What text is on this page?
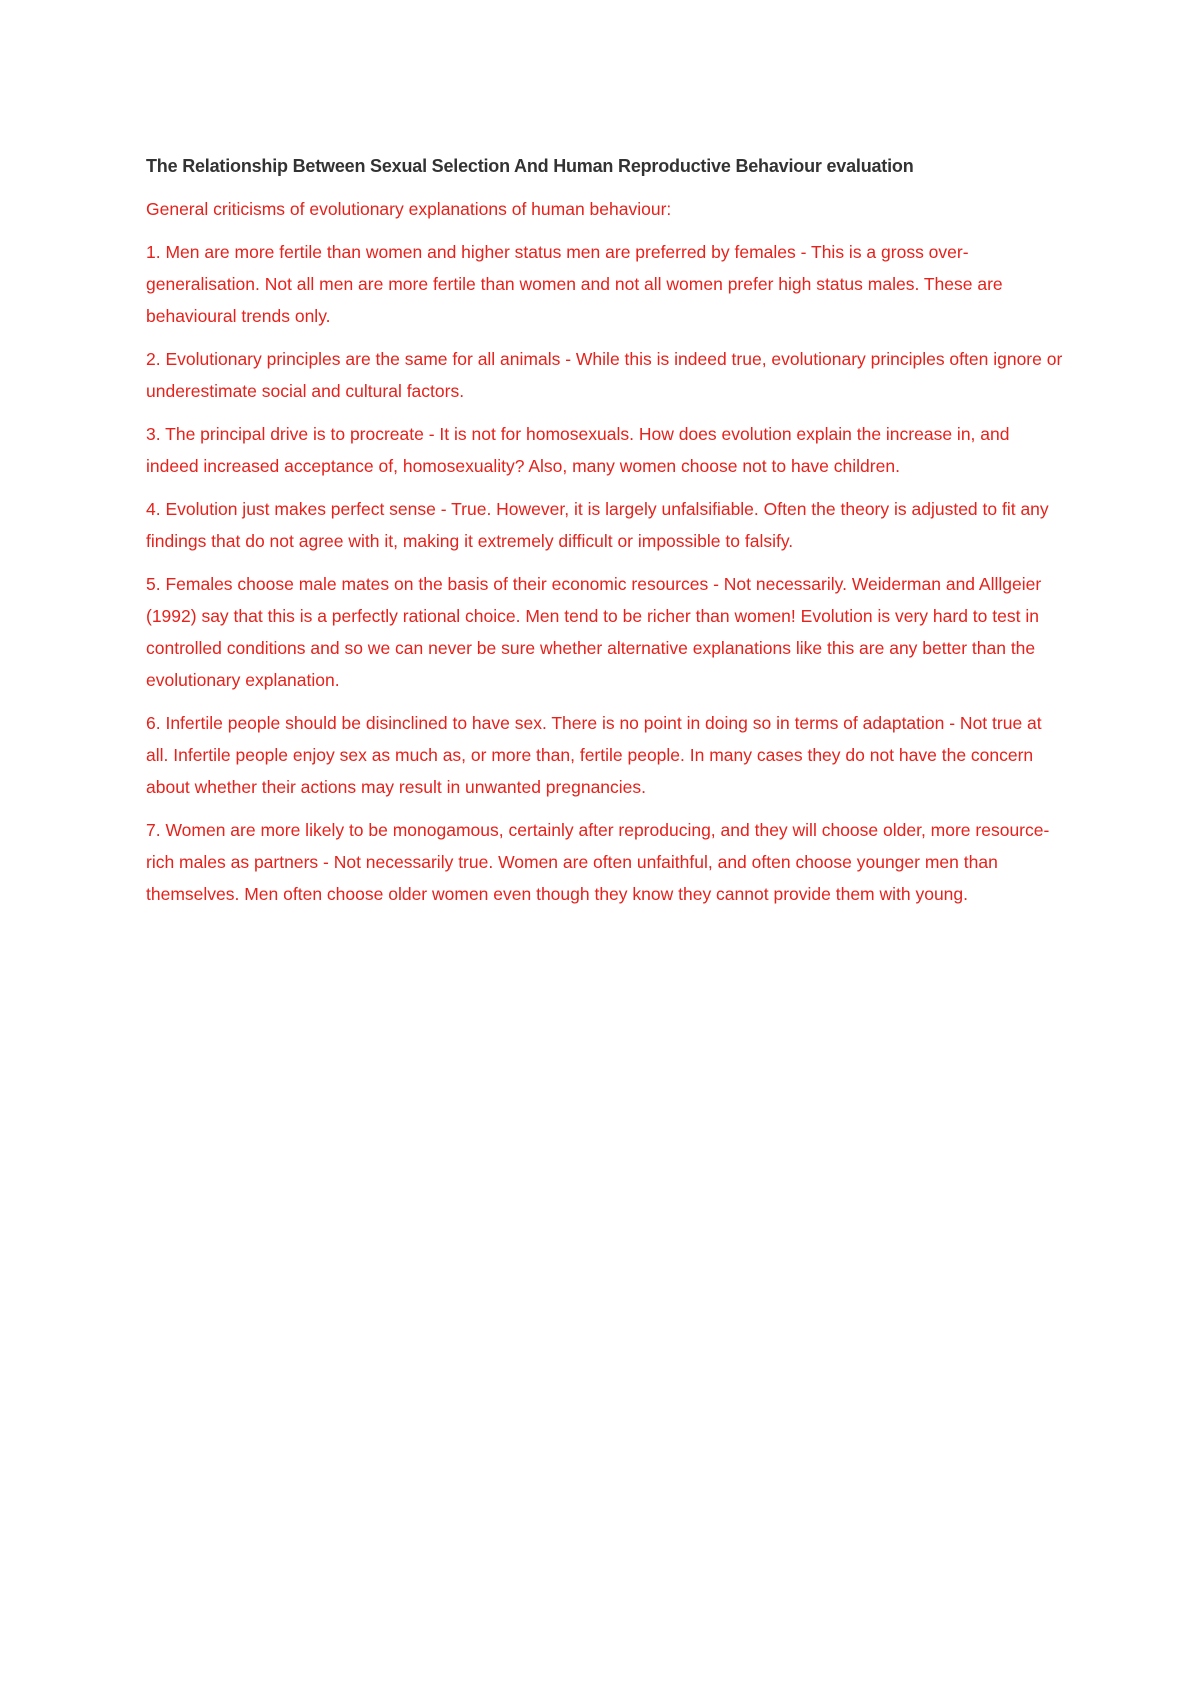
The Relationship Between Sexual Selection And Human Reproductive Behaviour evaluation

General criticisms of evolutionary explanations of human behaviour:

1. Men are more fertile than women and higher status men are preferred by females - This is a gross over-generalisation. Not all men are more fertile than women and not all women prefer high status males. These are behavioural trends only.

2. Evolutionary principles are the same for all animals - While this is indeed true, evolutionary principles often ignore or underestimate social and cultural factors.

3. The principal drive is to procreate - It is not for homosexuals. How does evolution explain the increase in, and indeed increased acceptance of, homosexuality? Also, many women choose not to have children.

4. Evolution just makes perfect sense - True. However, it is largely unfalsifiable. Often the theory is adjusted to fit any findings that do not agree with it, making it extremely difficult or impossible to falsify.

5. Females choose male mates on the basis of their economic resources - Not necessarily. Weiderman and Alllgeier (1992) say that this is a perfectly rational choice. Men tend to be richer than women! Evolution is very hard to test in controlled conditions and so we can never be sure whether alternative explanations like this are any better than the evolutionary explanation.

6. Infertile people should be disinclined to have sex. There is no point in doing so in terms of adaptation - Not true at all. Infertile people enjoy sex as much as, or more than, fertile people. In many cases they do not have the concern about whether their actions may result in unwanted pregnancies.

7. Women are more likely to be monogamous, certainly after reproducing, and they will choose older, more resource-rich males as partners - Not necessarily true. Women are often unfaithful, and often choose younger men than themselves. Men often choose older women even though they know they cannot provide them with young.
